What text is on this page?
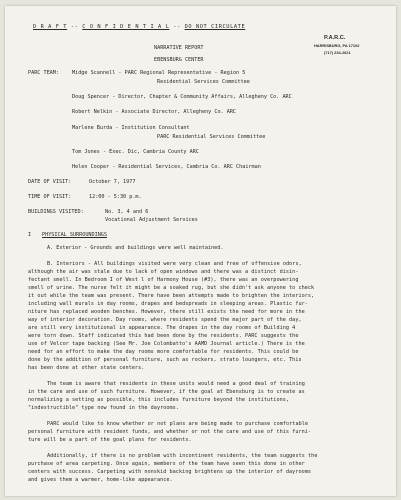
D R A F T -- C O N F I D E N T I A L -- DO NOT CIRCULATE
P.A.R.C.
HARRISBURG, PA 17102
(717) 234-2621
NARRATIVE REPORT
EBENSBURG CENTER
PARC TEAM:	Midge Scannell - PARC Regional Representative - Region 5
Residential Services Committee
Doug Spencer - Director, Chapter & Community Affairs, Allegheny Co. ARC
Robert Nelkin - Associate Director, Allegheny Co. ARC
Marlene Burda - Institution Consultant
PARC Residential Services Committee
Tom Jones - Exec. Dic, Cambria County ARC
Helen Cooper - Residential Services, Cambria Co. ARC Chairman
DATE OF VISIT:	October 7, 1977
TIME OF VISIT:	12:00 - 5:30 p.m.
BUILDINGS VISITED:	No. 3, 4 and 6
Vocational Adjustment Services
I PHYSICAL SURROUNDINGS
A. Exterior - Grounds and buildings were well maintained.
B. Interiors - All buildings visited were very clean and free of offensive odors,
although the air was stale due to lack of open windows and there was a distinct disin-
fectant smell. In Bedroom I of West l of Harmony House (#3), there was an overpowering
smell of urine. The nurse felt it might be a soaked rug, but she didn't ask anyone to check
it out while the team was present. There have been attempts made to brighten the interiors,
including wall murals in day rooms, drapes and bedspreads in sleeping areas. Plastic fur-
niture has replaced wooden benches. However, there still exists the need for more in the
way of interior decoration. Day rooms, where residents spend the major part of the day,
are still very institutional in appearance. The drapes in the day rooms of Building 4
were torn down. Staff indicated this had been done by the residents. PARC suggests the
use of Velcor tape backing (See Mr. Joe Colombatto's AAMD Journal article.) There is the
need for an effort to make the day rooms more comfortable for residents. This could be
done by the addition of personal furniture, such as rockers, strato loungers, etc. This
has been done at other state centers.
The team is aware that residents in these units would need a good deal of training
in the care and use of such furniture. However, if the goal at Ebensburg is to create as
normalizing a setting as possible, this includes furniture beyond the institutions,
"indestructible" type now found in the dayrooms.
PARC would like to know whether or not plans are being made to purchase comfortable
personal furniture with resident funds, and whether or not the care and use of this furni-
ture will be a part of the goal plans for residents.
Additionally, if there is no problem with incontinent residents, the team suggests the
purchase of area carpeting. Once again, members of the team have seen this done in other
centers with success. Carpeting with nonskid backing brightens up the interior of dayrooms
and gives them a warmer, home-like appearance.
